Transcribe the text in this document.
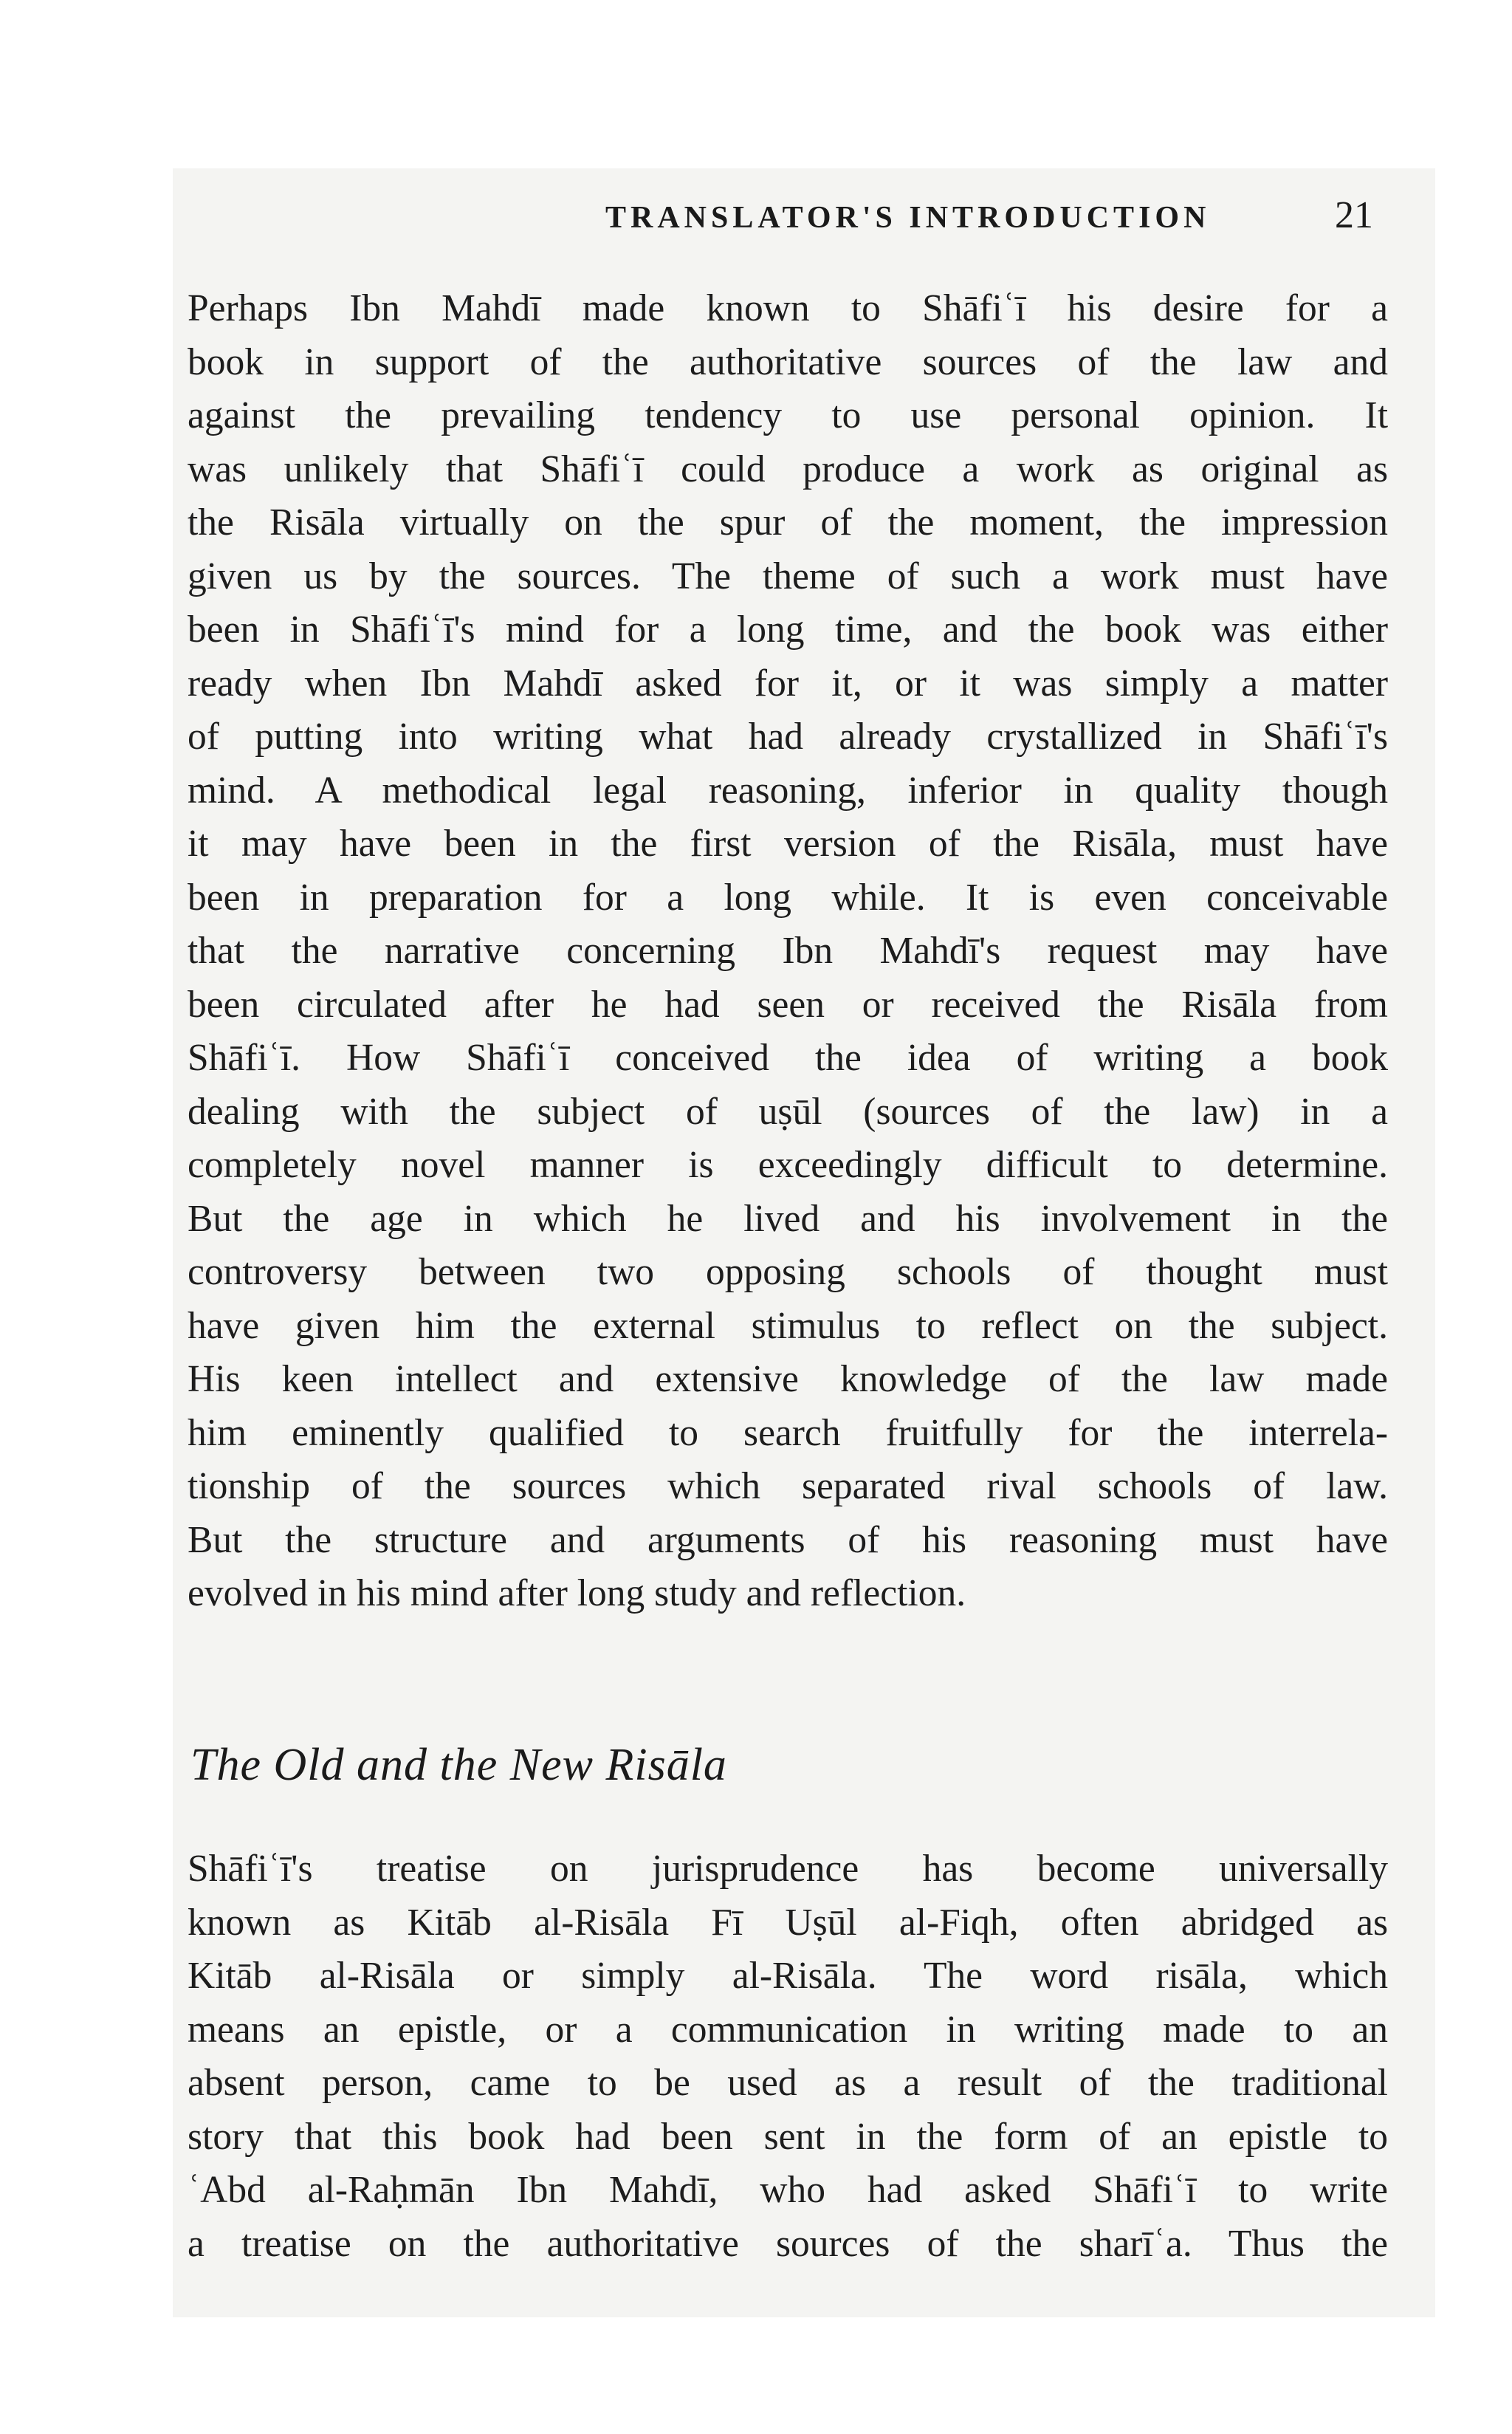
TRANSLATOR'S INTRODUCTION	21
Perhaps Ibn Mahdī made known to Shāfiʿī his desire for a
book in support of the authoritative sources of the law and
against the prevailing tendency to use personal opinion. It
was unlikely that Shāfiʿī could produce a work as original as
the Risāla virtually on the spur of the moment, the impression
given us by the sources. The theme of such a work must have
been in Shāfiʿī's mind for a long time, and the book was either
ready when Ibn Mahdī asked for it, or it was simply a matter
of putting into writing what had already crystallized in Shāfiʿī's
mind. A methodical legal reasoning, inferior in quality though
it may have been in the first version of the Risāla, must have
been in preparation for a long while. It is even conceivable
that the narrative concerning Ibn Mahdī's request may have
been circulated after he had seen or received the Risāla from
Shāfiʿī. How Shāfiʿī conceived the idea of writing a book
dealing with the subject of uṣūl (sources of the law) in a
completely novel manner is exceedingly difficult to determine.
But the age in which he lived and his involvement in the
controversy between two opposing schools of thought must
have given him the external stimulus to reflect on the subject.
His keen intellect and extensive knowledge of the law made
him eminently qualified to search fruitfully for the interrela-
tionship of the sources which separated rival schools of law.
But the structure and arguments of his reasoning must have
evolved in his mind after long study and reflection.
The Old and the New Risāla
Shāfiʿī's treatise on jurisprudence has become universally
known as Kitāb al-Risāla Fī Uṣūl al-Fiqh, often abridged as
Kitāb al-Risāla or simply al-Risāla. The word risāla, which
means an epistle, or a communication in writing made to an
absent person, came to be used as a result of the traditional
story that this book had been sent in the form of an epistle to
ʿAbd al-Raḥmān Ibn Mahdī, who had asked Shāfiʿī to write
a treatise on the authoritative sources of the sharīʿa. Thus the
